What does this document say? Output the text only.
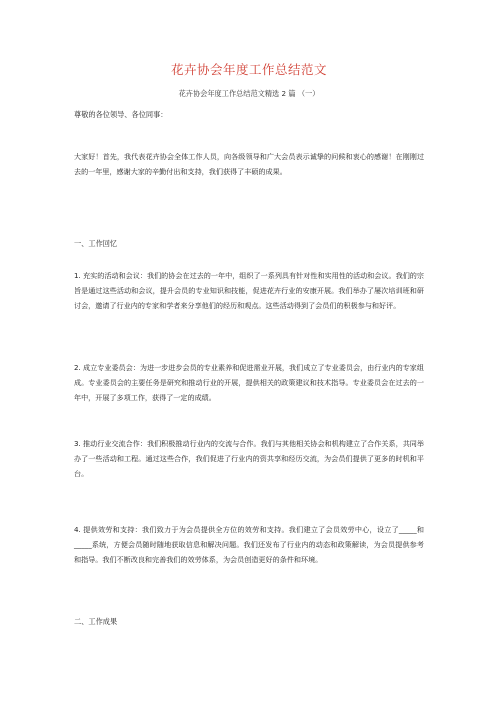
花卉协会年度工作总结范文
花卉协会年度工作总结范文精选 2 篇 （一）
尊敬的各位领导、各位同事：
大家好！首先，我代表花卉协会全体工作人员，向各级领导和广大会员表示诚挚的问候和衷心的感谢！在刚刚过去的一年里，感谢大家的辛勤付出和支持，我们获得了丰硕的成果。
一、工作回忆
1. 充实的活动和会议：我们的协会在过去的一年中，组织了一系列具有针对性和实用性的活动和会议。我们的宗旨是通过这些活动和会议，提升会员的专业知识和技能，促进花卉行业的安康开展。我们举办了屡次培训班和研讨会，邀请了行业内的专家和学者来分享他们的经历和观点。这些活动得到了会员们的积极参与和好评。
2. 成立专业委员会：为进一步进步会员的专业素养和促进需业开展，我们成立了专业委员会，由行业内的专家组成。专业委员会的主要任务是研究和推动行业的开展，提供相关的政策建议和技术指导。专业委员会在过去的一年中，开展了多项工作，获得了一定的成绩。
3. 推动行业交流合作：我们积极推动行业内的交流与合作。我们与其他相关协会和机构建立了合作关系，共同举办了一些活动和工程。通过这些合作，我们促进了行业内的资共享和经历交流，为会员们提供了更多的时机和平台。
4. 提供效劳和支持：我们致力于为会员提供全方位的效劳和支持。我们建立了会员效劳中心，设立了_____和_____系统，方便会员随时随地获取信息和解决问题。我们还发布了行业内的动态和政策解读，为会员提供参考和指导。我们不断改良和完善我们的效劳体系，为会员创造更好的条件和环境。
二、工作成果
